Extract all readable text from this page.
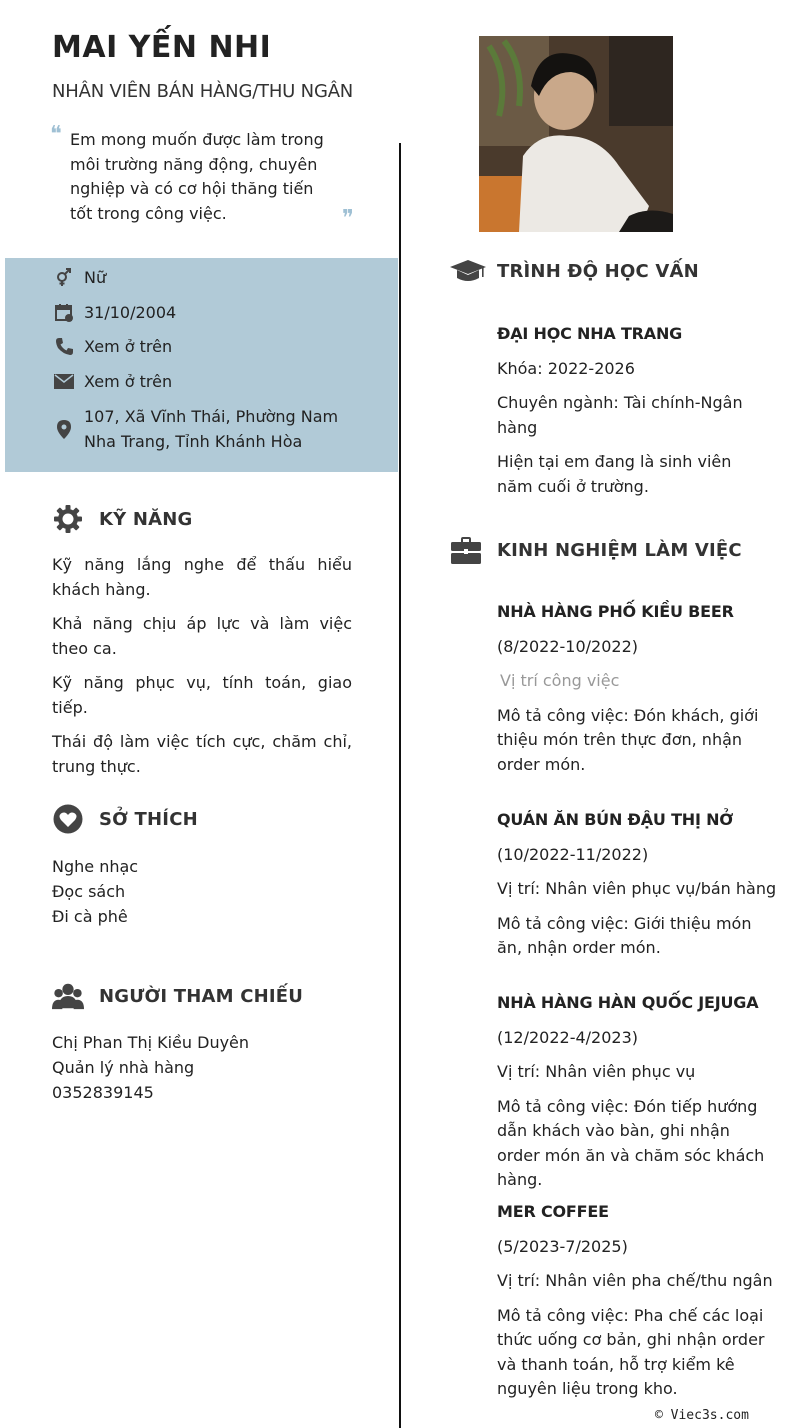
MAI YẾN NHI
NHÂN VIÊN BÁN HÀNG/THU NGÂN
❝ Em mong muốn được làm trong môi trường năng động, chuyên nghiệp và có cơ hội thăng tiến tốt trong công việc.	❞
Nữ
31/10/2004
Xem ở trên
Xem ở trên
107, Xã Vĩnh Thái, Phường Nam Nha Trang, Tỉnh Khánh Hòa
KỸ NĂNG

Kỹ năng lắng nghe để thấu hiểu khách hàng.

Khả năng chịu áp lực và làm việc theo ca.

Kỹ năng phục vụ, tính toán, giao tiếp.

Thái độ làm việc tích cực, chăm chỉ, trung thực.

SỞ THÍCH
Nghe nhạc
Đọc sách
Đi cà phê
NGƯỜI THAM CHIẾU
Chị Phan Thị Kiều Duyên
Quản lý nhà hàng
0352839145
TRÌNH ĐỘ HỌC VẤN
ĐẠI HỌC NHA TRANG
Khóa: 2022-2026
Chuyên ngành: Tài chính-Ngân hàng
Hiện tại em đang là sinh viên năm cuối ở trường.
KINH NGHIỆM LÀM VIỆC
NHÀ HÀNG PHỐ KIỀU BEER
(8/2022-10/2022)
Vị trí công việc
Mô tả công việc: Đón khách, giới thiệu món trên thực đơn, nhận order món.
QUÁN ĂN BÚN ĐẬU THỊ NỞ
(10/2022-11/2022)
Vị trí: Nhân viên phục vụ/bán hàng
Mô tả công việc: Giới thiệu món ăn, nhận order món.
NHÀ HÀNG HÀN QUỐC JEJUGA
(12/2022-4/2023)
Vị trí: Nhân viên phục vụ
Mô tả công việc: Đón tiếp hướng dẫn khách vào bàn, ghi nhận order món ăn và chăm sóc khách hàng.
MER COFFEE
(5/2023-7/2025)
Vị trí: Nhân viên pha chế/thu ngân
Mô tả công việc: Pha chế các loại thức uống cơ bản, ghi nhận order và thanh toán, hỗ trợ kiểm kê nguyên liệu trong kho.
© Viec3s.com
